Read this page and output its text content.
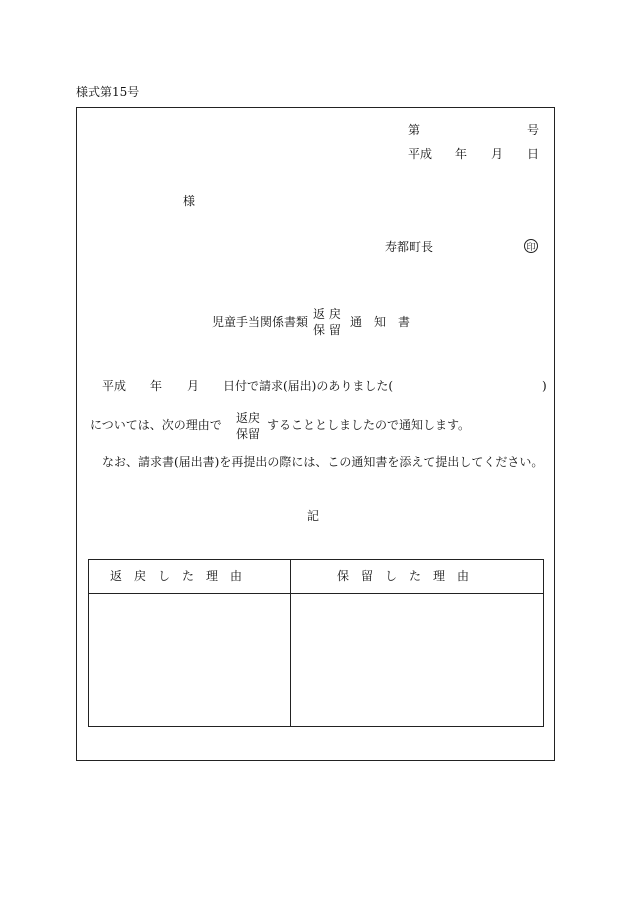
様式第15号
第	号
平成 年 月 日
様
寿都町長	印
児童手当関係書類
返 戻
保 留
通　知　書
平成 年 月 日付で請求(届出)のありました(	)
については、次の理由で 返戻
保留
することとしましたので通知します。
なお、請求書(届出書)を再提出の際には、この通知書を添えて提出してください。
記
返　戻　し　た　理　由	保　留　し　た　理　由
